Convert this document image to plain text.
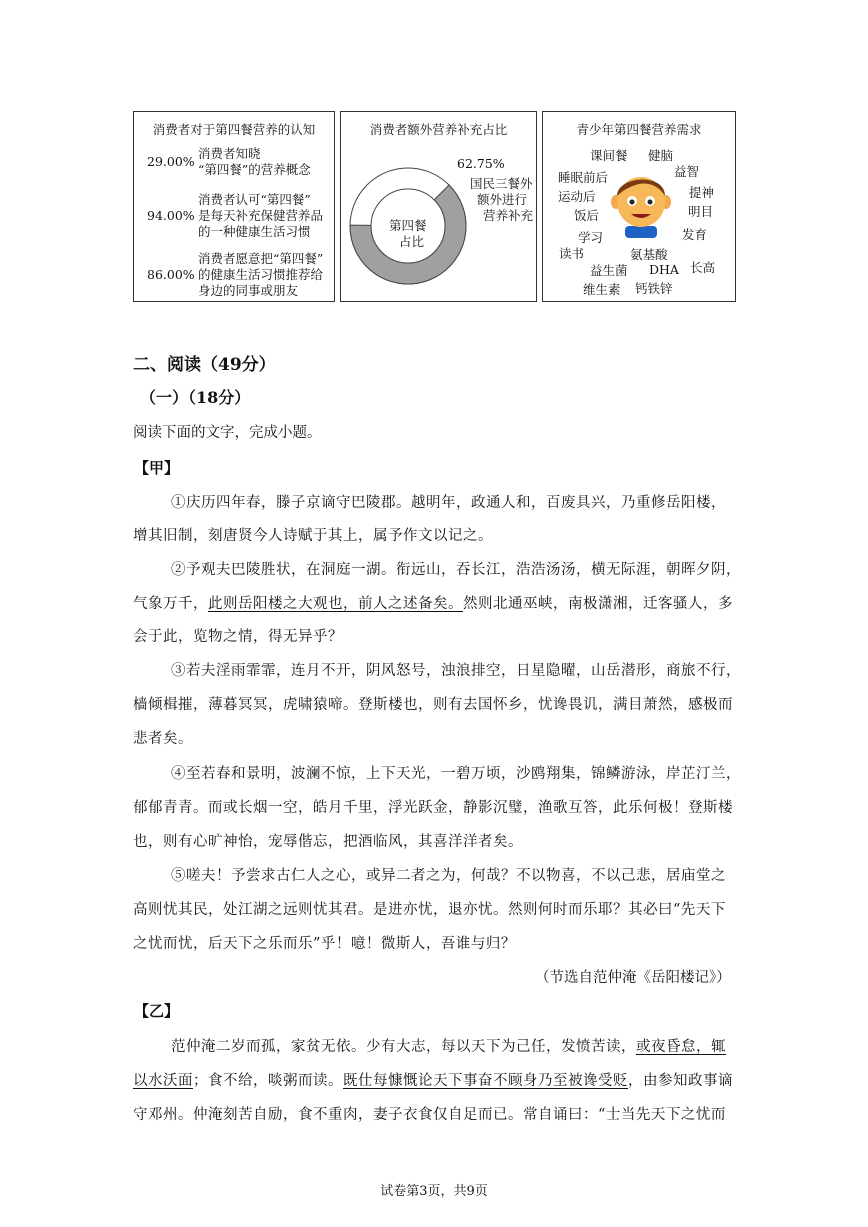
消费者对于第四餐营养的认知
29.00%
消费者知晓
“第四餐”的营养概念
94.00%
消费者认可“第四餐”
是每天补充保健营养品
的一种健康生活习惯
86.00%
消费者愿意把“第四餐”
的健康生活习惯推荐给
身边的同事或朋友
消费者额外营养补充占比
62.75%
国民三餐外
额外进行
营养补充
第四餐
占比
青少年第四餐营养需求
课间餐 健脑
睡眠前后	益智
运动后	提神
饭后	明目
学习	发育
读书	氨基酸
益生菌 DHA 长高
维生素 钙铁锌
二、阅读（49分）
（一）（18分）
阅读下面的文字，完成小题。
【甲】
①庆历四年春，滕子京谪守巴陵郡。越明年，政通人和，百废具兴，乃重修岳阳楼，
增其旧制，刻唐贤今人诗赋于其上，属予作文以记之。
②予观夫巴陵胜状，在洞庭一湖。衔远山，吞长江，浩浩汤汤，横无际涯，朝晖夕阴，
气象万千，此则岳阳楼之大观也，前人之述备矣。然则北通巫峡，南极潇湘，迁客骚人，多
会于此，览物之情，得无异乎？
③若夫淫雨霏霏，连月不开，阴风怒号，浊浪排空，日星隐曜，山岳潜形，商旅不行，
樯倾楫摧，薄暮冥冥，虎啸猿啼。登斯楼也，则有去国怀乡，忧谗畏讥，满目萧然，感极而
悲者矣。
④至若春和景明，波澜不惊，上下天光，一碧万顷，沙鸥翔集，锦鳞游泳，岸芷汀兰，
郁郁青青。而或长烟一空，皓月千里，浮光跃金，静影沉璧，渔歌互答，此乐何极！登斯楼
也，则有心旷神怡，宠辱偕忘，把酒临风，其喜洋洋者矣。
⑤嗟夫！予尝求古仁人之心，或异二者之为，何哉？不以物喜，不以己悲，居庙堂之
高则忧其民，处江湖之远则忧其君。是进亦忧，退亦忧。然则何时而乐耶？其必曰“先天下
之忧而忧，后天下之乐而乐”乎！噫！微斯人，吾谁与归？
（节选自范仲淹《岳阳楼记》）
【乙】
范仲淹二岁而孤，家贫无依。少有大志，每以天下为己任，发愤苦读，或夜昏怠，辄
以水沃面；食不给，啖粥而读。既仕每慷慨论天下事奋不顾身乃至被谗受贬，由参知政事谪
守邓州。仲淹刻苦自励，食不重肉，妻子衣食仅自足而已。常自诵曰：“士当先天下之忧而
试卷第3页，共9页
